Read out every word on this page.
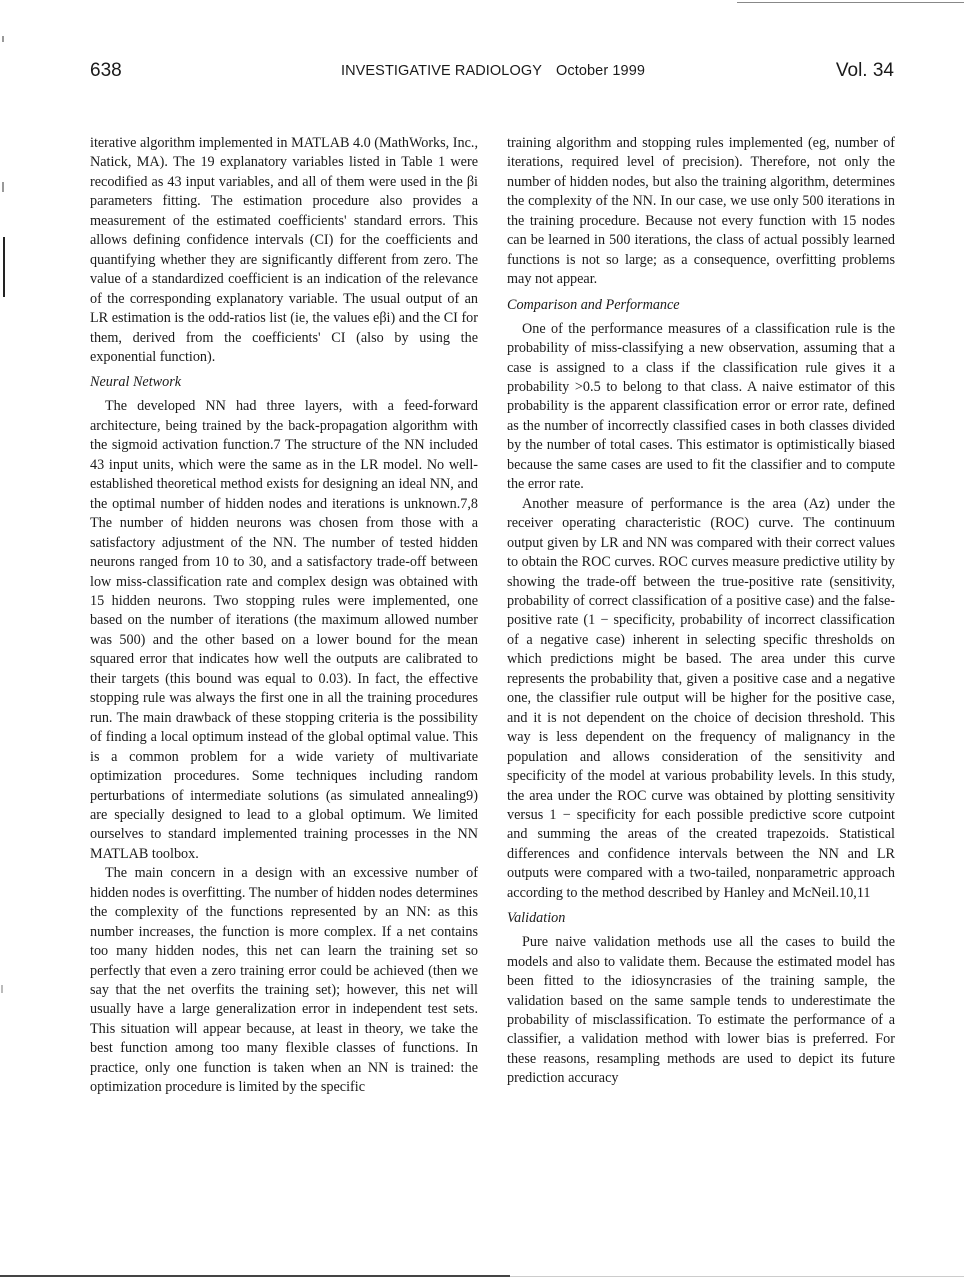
638	INVESTIGATIVE RADIOLOGY October 1999	Vol. 34

iterative algorithm implemented in MATLAB 4.0 (MathWorks, Inc., Natick, MA). The 19 explanatory variables listed in Table 1 were recodified as 43 input variables, and all of them were used in the βi parameters fitting. The estimation procedure also provides a measurement of the estimated coefficients' standard errors. This allows defining confidence intervals (CI) for the coefficients and quantifying whether they are significantly different from zero. The value of a standardized coefficient is an indication of the relevance of the corresponding explanatory variable. The usual output of an LR estimation is the odd-ratios list (ie, the values eβi) and the CI for them, derived from the coefficients' CI (also by using the exponential function).

Neural Network

The developed NN had three layers, with a feed-forward architecture, being trained by the back-propagation algorithm with the sigmoid activation function.7 The structure of the NN included 43 input units, which were the same as in the LR model. No well-established theoretical method exists for designing an ideal NN, and the optimal number of hidden nodes and iterations is unknown.7,8 The number of hidden neurons was chosen from those with a satisfactory adjustment of the NN. The number of tested hidden neurons ranged from 10 to 30, and a satisfactory trade-off between low miss-classification rate and complex design was obtained with 15 hidden neurons. Two stopping rules were implemented, one based on the number of iterations (the maximum allowed number was 500) and the other based on a lower bound for the mean squared error that indicates how well the outputs are calibrated to their targets (this bound was equal to 0.03). In fact, the effective stopping rule was always the first one in all the training procedures run. The main drawback of these stopping criteria is the possibility of finding a local optimum instead of the global optimal value. This is a common problem for a wide variety of multivariate optimization procedures. Some techniques including random perturbations of intermediate solutions (as simulated annealing9) are specially designed to lead to a global optimum. We limited ourselves to standard implemented training processes in the NN MATLAB toolbox.

The main concern in a design with an excessive number of hidden nodes is overfitting. The number of hidden nodes determines the complexity of the functions represented by an NN: as this number increases, the function is more complex. If a net contains too many hidden nodes, this net can learn the training set so perfectly that even a zero training error could be achieved (then we say that the net overfits the training set); however, this net will usually have a large generalization error in independent test sets. This situation will appear because, at least in theory, we take the best function among too many flexible classes of functions. In practice, only one function is taken when an NN is trained: the optimization procedure is limited by the specific

training algorithm and stopping rules implemented (eg, number of iterations, required level of precision). Therefore, not only the number of hidden nodes, but also the training algorithm, determines the complexity of the NN. In our case, we use only 500 iterations in the training procedure. Because not every function with 15 nodes can be learned in 500 iterations, the class of actual possibly learned functions is not so large; as a consequence, overfitting problems may not appear.

Comparison and Performance

One of the performance measures of a classification rule is the probability of miss-classifying a new observation, assuming that a case is assigned to a class if the classification rule gives it a probability >0.5 to belong to that class. A naive estimator of this probability is the apparent classification error or error rate, defined as the number of incorrectly classified cases in both classes divided by the number of total cases. This estimator is optimistically biased because the same cases are used to fit the classifier and to compute the error rate.

Another measure of performance is the area (Az) under the receiver operating characteristic (ROC) curve. The continuum output given by LR and NN was compared with their correct values to obtain the ROC curves. ROC curves measure predictive utility by showing the trade-off between the true-positive rate (sensitivity, probability of correct classification of a positive case) and the false-positive rate (1 − specificity, probability of incorrect classification of a negative case) inherent in selecting specific thresholds on which predictions might be based. The area under this curve represents the probability that, given a positive case and a negative one, the classifier rule output will be higher for the positive case, and it is not dependent on the choice of decision threshold. This way is less dependent on the frequency of malignancy in the population and allows consideration of the sensitivity and specificity of the model at various probability levels. In this study, the area under the ROC curve was obtained by plotting sensitivity versus 1 − specificity for each possible predictive score cutpoint and summing the areas of the created trapezoids. Statistical differences and confidence intervals between the NN and LR outputs were compared with a two-tailed, nonparametric approach according to the method described by Hanley and McNeil.10,11

Validation

Pure naive validation methods use all the cases to build the models and also to validate them. Because the estimated model has been fitted to the idiosyncrasies of the training sample, the validation based on the same sample tends to underestimate the probability of misclassification. To estimate the performance of a classifier, a validation method with lower bias is preferred. For these reasons, resampling methods are used to depict its future prediction accuracy
